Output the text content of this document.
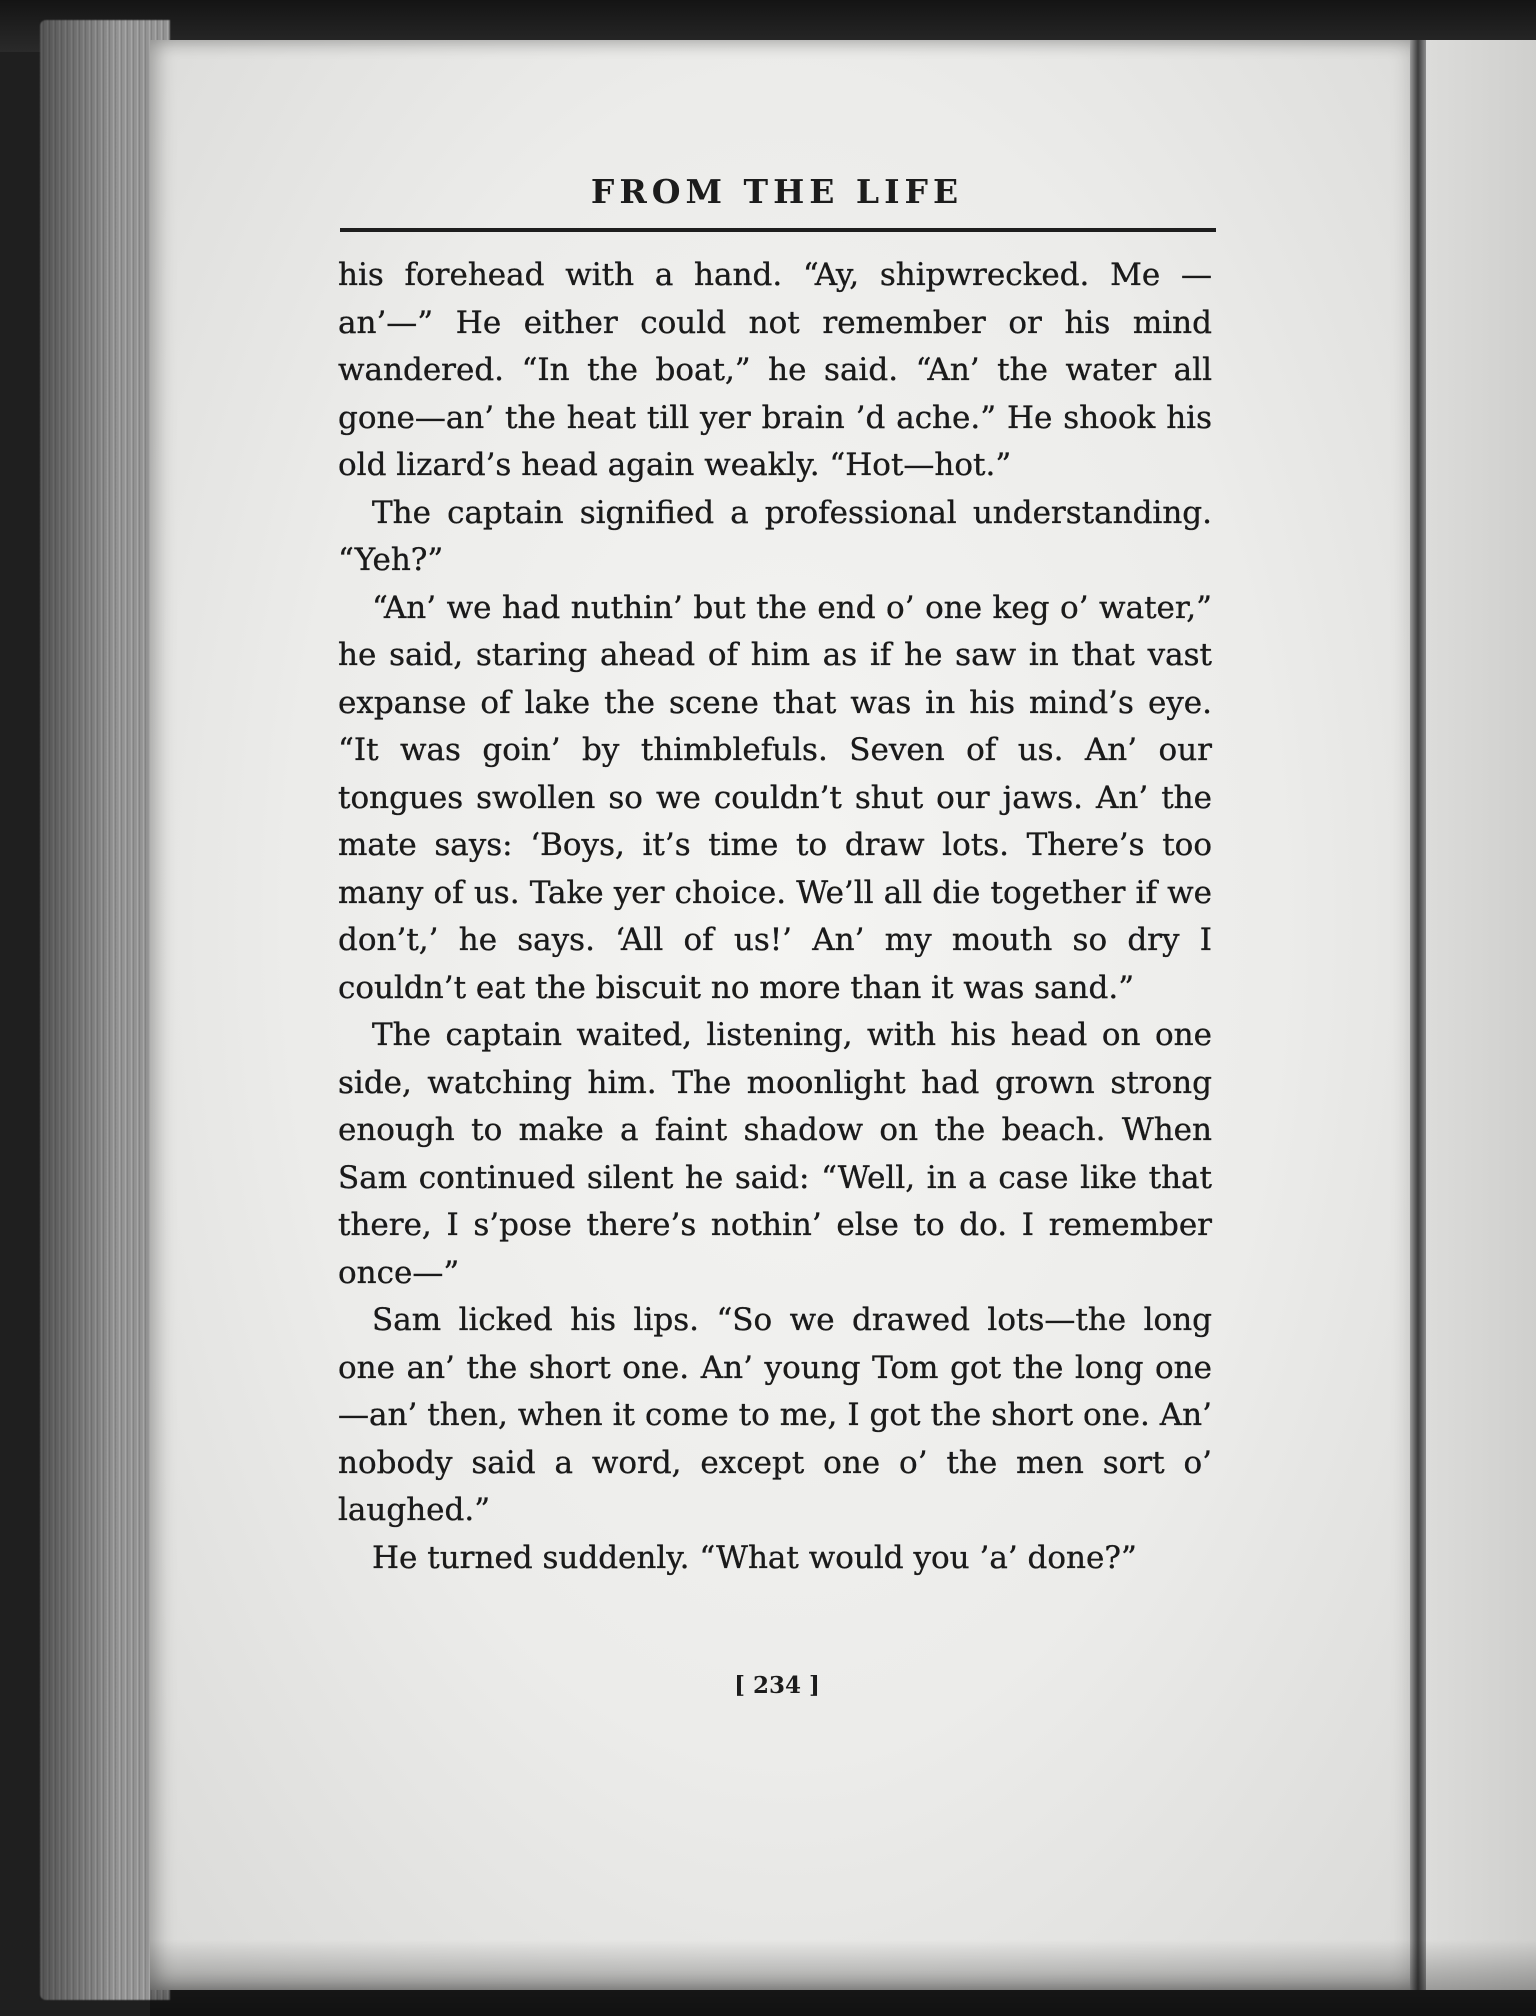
FROM THE LIFE

his forehead with a hand. “Ay, shipwrecked. Me —an’—” He either could not remember or his mind wandered. “In the boat,” he said. “An’ the water all gone—an’ the heat till yer brain ’d ache.” He shook his old lizard’s head again weakly. “Hot—hot.”

The captain signified a professional understanding. “Yeh?”

“An’ we had nuthin’ but the end o’ one keg o’ water,” he said, staring ahead of him as if he saw in that vast expanse of lake the scene that was in his mind’s eye. “It was goin’ by thimblefuls. Seven of us. An’ our tongues swollen so we couldn’t shut our jaws. An’ the mate says: ‘Boys, it’s time to draw lots. There’s too many of us. Take yer choice. We’ll all die together if we don’t,’ he says. ‘All of us!’ An’ my mouth so dry I couldn’t eat the biscuit no more than it was sand.”

The captain waited, listening, with his head on one side, watching him. The moonlight had grown strong enough to make a faint shadow on the beach. When Sam continued silent he said: “Well, in a case like that there, I s’pose there’s nothin’ else to do. I remember once—”

Sam licked his lips. “So we drawed lots—the long one an’ the short one. An’ young Tom got the long one—an’ then, when it come to me, I got the short one. An’ nobody said a word, except one o’ the men sort o’ laughed.”

He turned suddenly. “What would you ’a’ done?”

[ 234 ]
